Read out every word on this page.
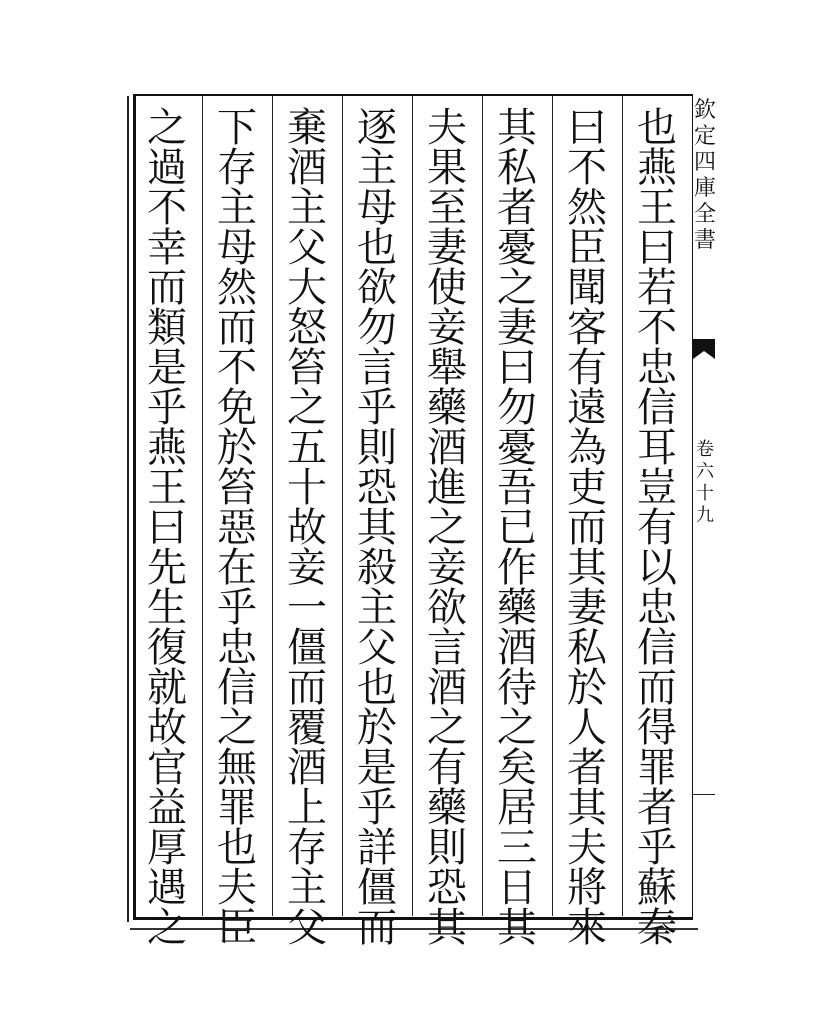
也
燕
王
曰
若
不
忠
信
耳
豈
有
以
忠
信
而
得
罪
者
乎
蘇
秦
曰
不
然
臣
聞
客
有
遠
為
吏
而
其
妻
私
於
人
者
其
夫
將
來
其
私
者
憂
之
妻
曰
勿
憂
吾
已
作
藥
酒
待
之
矣
居
三
日
其
夫
果
至
妻
使
妾
舉
藥
酒
進
之
妾
欲
言
酒
之
有
藥
則
恐
其
逐
主
母
也
欲
勿
言
乎
則
恐
其
殺
主
父
也
於
是
乎
詳
僵
而
棄
酒
主
父
大
怒
笞
之
五
十
故
妾
一
僵
而
覆
酒
上
存
主
父
下
存
主
母
然
而
不
免
於
笞
惡
在
乎
忠
信
之
無
罪
也
夫
臣
之
過
不
幸
而
類
是
乎
燕
王
曰
先
生
復
就
故
官
益
厚
遇
之
欽
定
四
庫
全
書
卷
六
十
九
